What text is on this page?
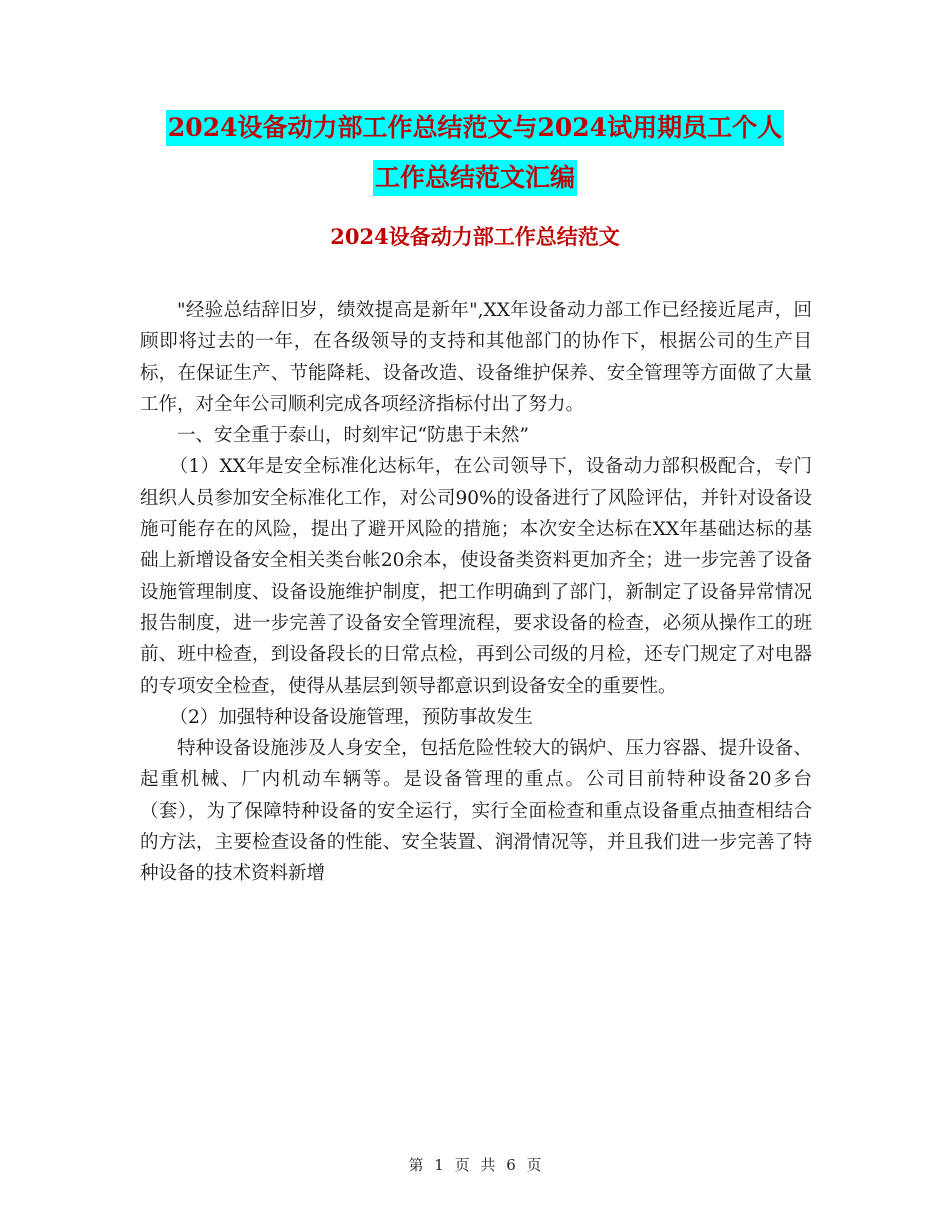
2024设备动力部工作总结范文与2024试用期员工个人
工作总结范文汇编
2024设备动力部工作总结范文

"经验总结辞旧岁，绩效提高是新年",XX年设备动力部工作已经接近尾声，回顾即将过去的一年，在各级领导的支持和其他部门的协作下，根据公司的生产目标，在保证生产、节能降耗、设备改造、设备维护保养、安全管理等方面做了大量工作，对全年公司顺利完成各项经济指标付出了努力。

一、安全重于泰山，时刻牢记“防患于未然”

（1）XX年是安全标准化达标年，在公司领导下，设备动力部积极配合，专门组织人员参加安全标准化工作，对公司90%的设备进行了风险评估，并针对设备设施可能存在的风险，提出了避开风险的措施；本次安全达标在XX年基础达标的基础上新增设备安全相关类台帐20余本，使设备类资料更加齐全；进一步完善了设备设施管理制度、设备设施维护制度，把工作明确到了部门，新制定了设备异常情况报告制度，进一步完善了设备安全管理流程，要求设备的检查，必须从操作工的班前、班中检查，到设备段长的日常点检，再到公司级的月检，还专门规定了对电器的专项安全检查，使得从基层到领导都意识到设备安全的重要性。

（2）加强特种设备设施管理，预防事故发生

特种设备设施涉及人身安全，包括危险性较大的锅炉、压力容器、提升设备、起重机械、厂内机动车辆等。是设备管理的重点。公司目前特种设备20多台（套），为了保障特种设备的安全运行，实行全面检查和重点设备重点抽查相结合的方法，主要检查设备的性能、安全装置、润滑情况等，并且我们进一步完善了特种设备的技术资料新增

第 1 页 共 6 页
